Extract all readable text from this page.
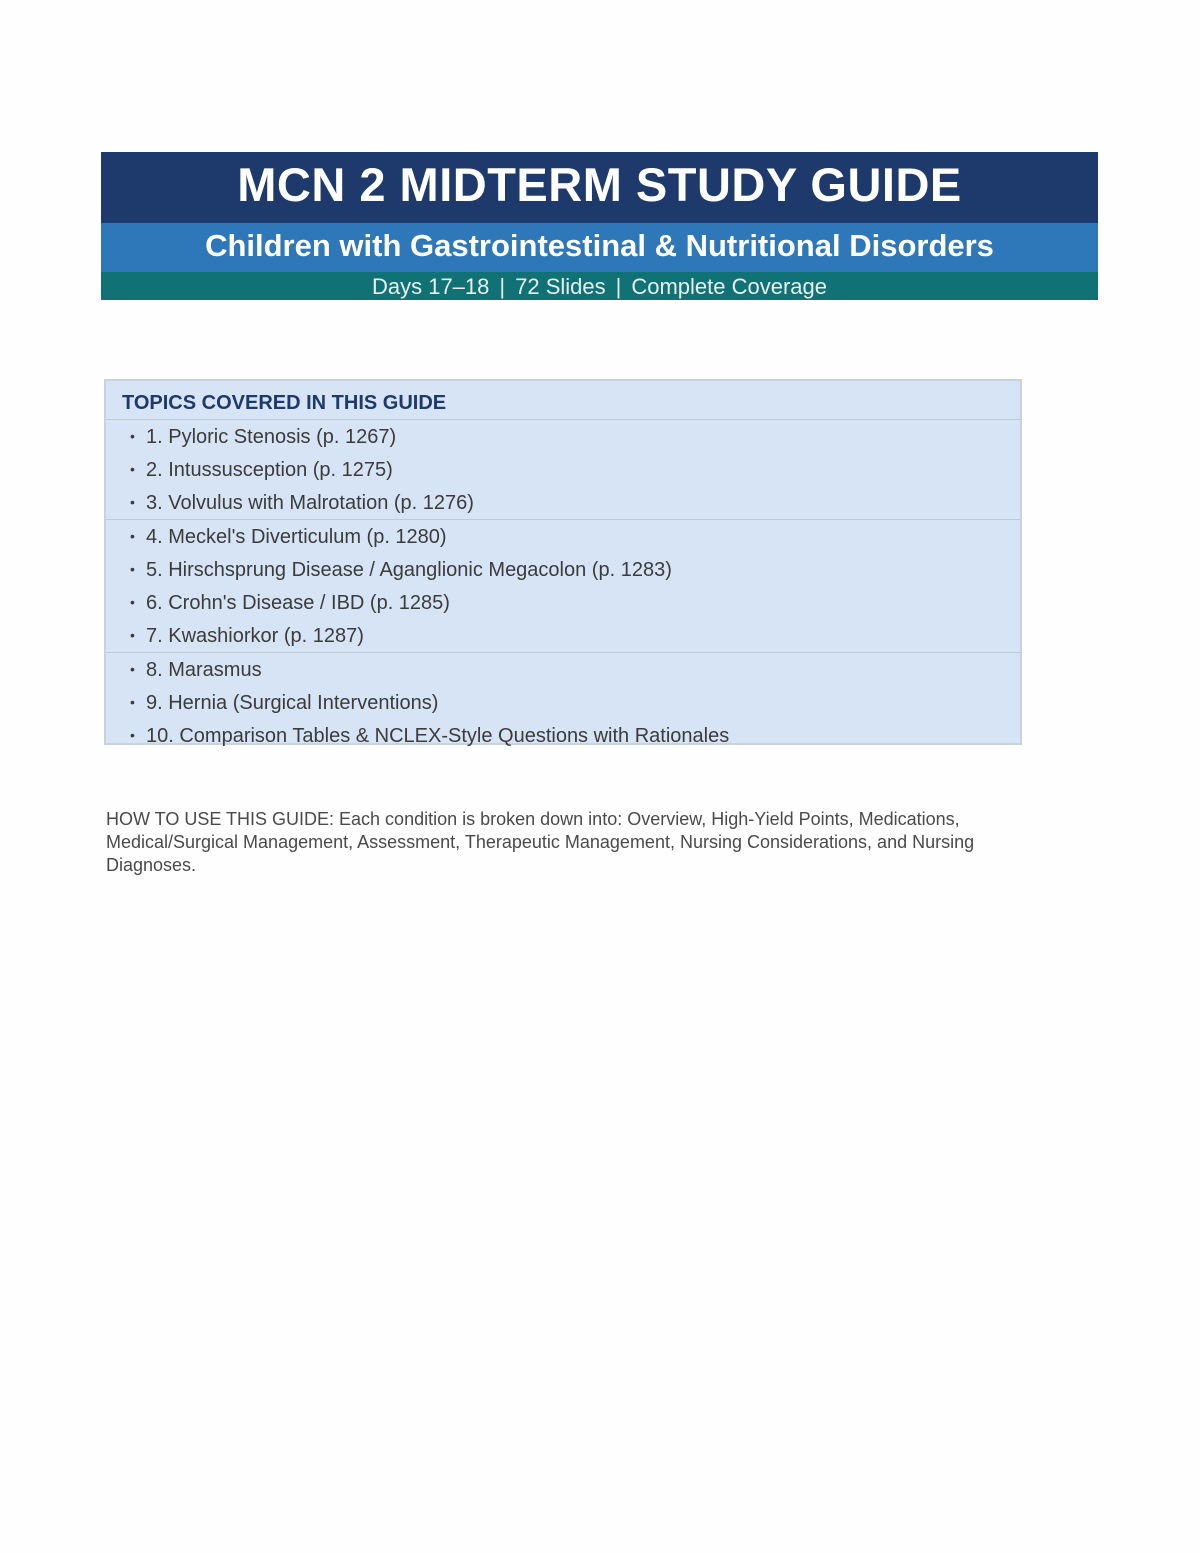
MCN 2 MIDTERM STUDY GUIDE
Children with Gastrointestinal & Nutritional Disorders
Days 17–18 | 72 Slides | Complete Coverage
TOPICS COVERED IN THIS GUIDE
• 1. Pyloric Stenosis (p. 1267)
• 2. Intussusception (p. 1275)
• 3. Volvulus with Malrotation (p. 1276)
• 4. Meckel's Diverticulum (p. 1280)
• 5. Hirschsprung Disease / Aganglionic Megacolon (p. 1283)
• 6. Crohn's Disease / IBD (p. 1285)
• 7. Kwashiorkor (p. 1287)
• 8. Marasmus
• 9. Hernia (Surgical Interventions)
• 10. Comparison Tables & NCLEX-Style Questions with Rationales

HOW TO USE THIS GUIDE: Each condition is broken down into: Overview, High-Yield Points, Medications, Medical/Surgical Management, Assessment, Therapeutic Management, Nursing Considerations, and Nursing Diagnoses.
